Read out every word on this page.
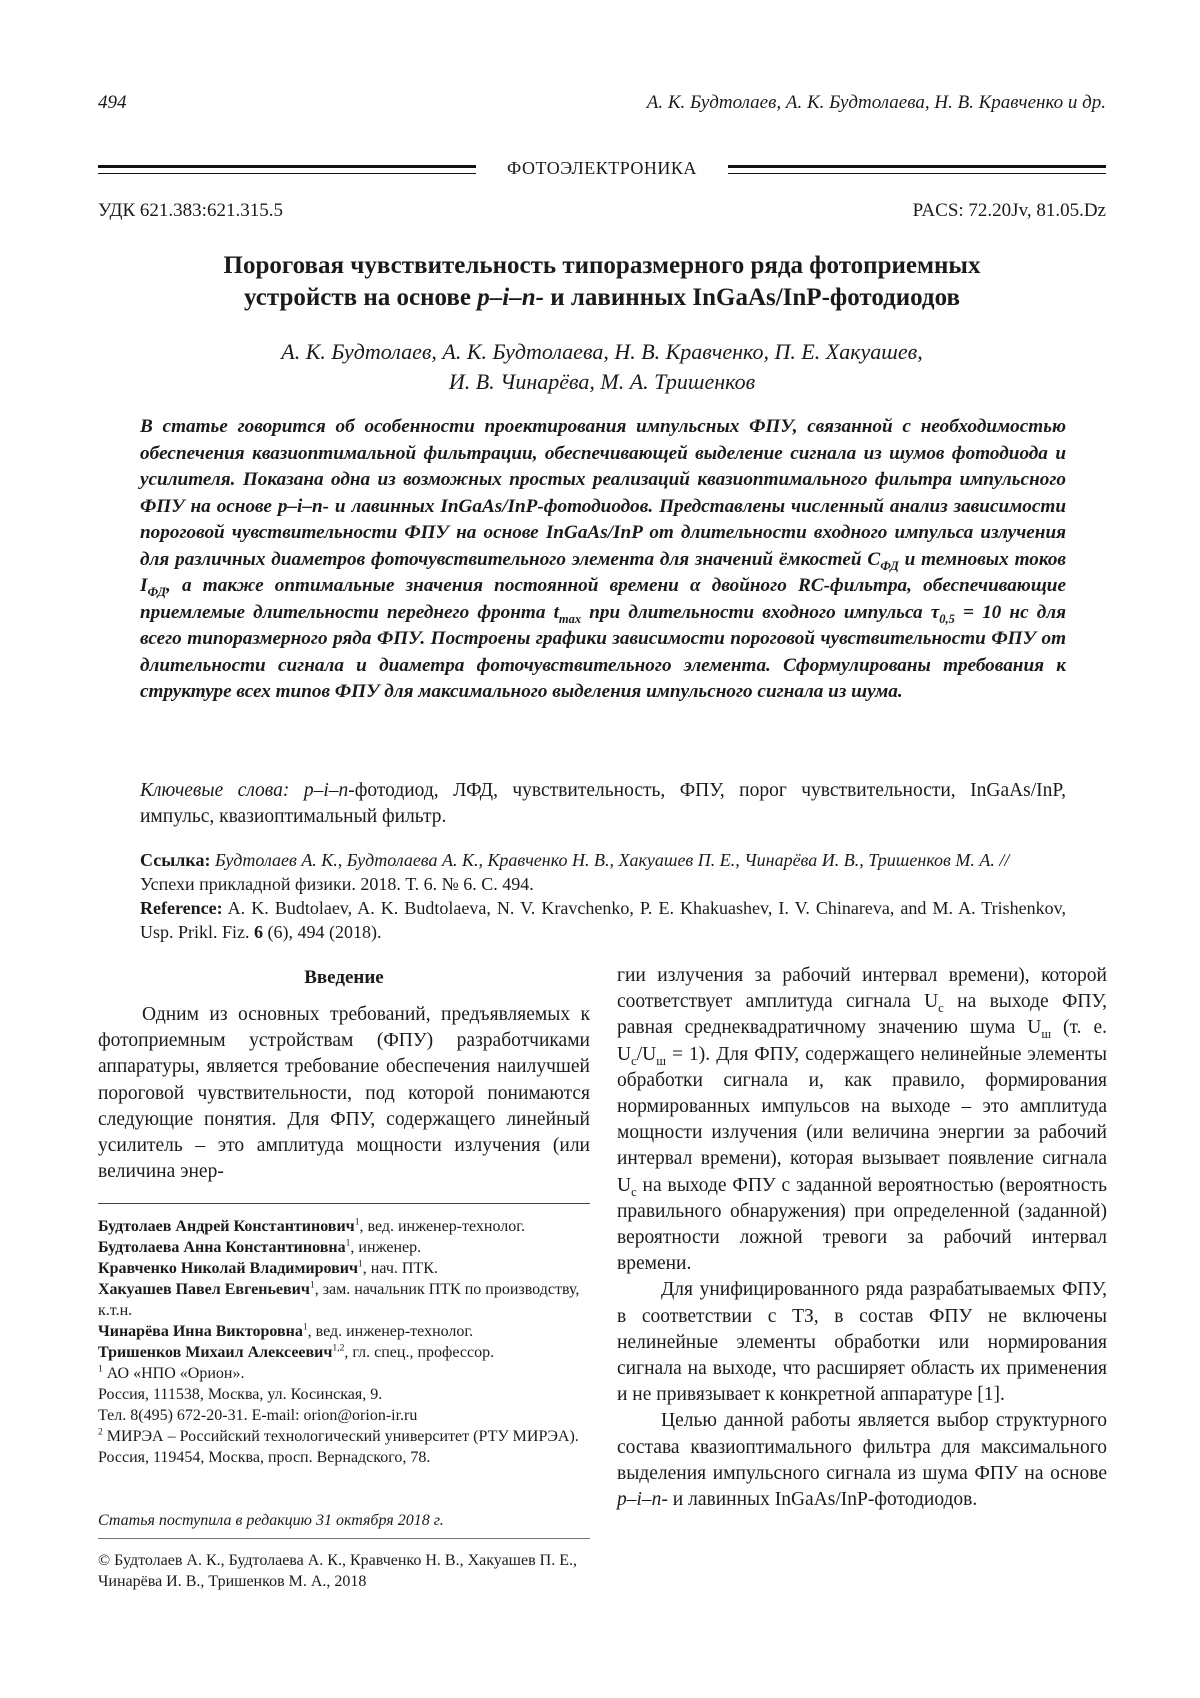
494	А. К. Будтолаев, А. К. Будтолаева, Н. В. Кравченко и др.
ФОТОЭЛЕКТРОНИКА
УДК 621.383:621.315.5	PACS: 72.20Jv, 81.05.Dz
Пороговая чувствительность типоразмерного ряда фотоприемных
устройств на основе p–i–n- и лавинных InGaAs/InP-фотодиодов
А. К. Будтолаев, А. К. Будтолаева, Н. В. Кравченко, П. Е. Хакуашев,
И. В. Чинарёва, М. А. Тришенков
В статье говорится об особенности проектирования импульсных ФПУ, связанной с необходимостью обеспечения квазиоптимальной фильтрации, обеспечивающей выделение сигнала из шумов фотодиода и усилителя. Показана одна из возможных простых реализаций квазиоптимального фильтра импульсного ФПУ на основе p–i–n- и лавинных InGaAs/InP-фотодиодов. Представлены численный анализ зависимости пороговой чувствительности ФПУ на основе InGaAs/InP от длительности входного импульса излучения для различных диаметров фоточувствительного элемента для значений ёмкостей $C_{ФД}$ и темновых токов $I_{ФД}$, а также оптимальные значения постоянной времени α двойного RC-фильтра, обеспечивающие приемлемые длительности переднего фронта $t_{max}$ при длительности входного импульса $\tau_{0,5} = 10$ нс для всего типоразмерного ряда ФПУ. Построены графики зависимости пороговой чувствительности ФПУ от длительности сигнала и диаметра фоточувствительного элемента. Сформулированы требования к структуре всех типов ФПУ для максимального выделения импульсного сигнала из шума.
Ключевые слова: p–i–n-фотодиод, ЛФД, чувствительность, ФПУ, порог чувствительности, InGaAs/InP, импульс, квазиоптимальный фильтр.
Ссылка: Будтолаев А. К., Будтолаева А. К., Кравченко Н. В., Хакуашев П. Е., Чинарёва И. В., Тришенков М. А. //
Успехи прикладной физики. 2018. Т. 6. № 6. С. 494.
Reference: A. K. Budtolaev, A. K. Budtolaeva, N. V. Kravchenko, P. E. Khakuashev, I. V. Chinareva, and M. A. Trishenkov, Usp. Prikl. Fiz. 6 (6), 494 (2018).
Введение

Одним из основных требований, предъявляемых к фотоприемным устройствам (ФПУ) разработчиками аппаратуры, является требование обеспечения наилучшей пороговой чувствительности, под которой понимаются следующие понятия. Для ФПУ, содержащего линейный усилитель – это амплитуда мощности излучения (или величина энер-

Будтолаев Андрей Константинович$^1$, вед. инженер-технолог.
Будтолаева Анна Константиновна$^1$, инженер.
Кравченко Николай Владимирович$^1$, нач. ПТК.
Хакуашев Павел Евгеньевич$^1$, зам. начальник ПТК по производству, к.т.н.
Чинарёва Инна Викторовна$^1$, вед. инженер-технолог.
Тришенков Михаил Алексеевич$^{1,2}$, гл. спец., профессор.
$^1$ АО «НПО «Орион».
Россия, 111538, Москва, ул. Косинская, 9.
Тел. 8(495) 672-20-31. E-mail: orion@orion-ir.ru
$^2$ МИРЭА – Российский технологический университет (РТУ МИРЭА).
Россия, 119454, Москва, просп. Вернадского, 78.
Статья поступила в редакцию 31 октября 2018 г.
© Будтолаев А. К., Будтолаева А. К., Кравченко Н. В., Хакуашев П. Е., Чинарёва И. В., Тришенков М. А., 2018

гии излучения за рабочий интервал времени), которой соответствует амплитуда сигнала $U_c$ на выходе ФПУ, равная среднеквадратичному значению шума $U_ш$ (т. е. $U_c/U_ш = 1$). Для ФПУ, содержащего нелинейные элементы обработки сигнала и, как правило, формирования нормированных импульсов на выходе – это амплитуда мощности излучения (или величина энергии за рабочий интервал времени), которая вызывает появление сигнала $U_c$ на выходе ФПУ с заданной вероятностью (вероятность правильного обнаружения) при определенной (заданной) вероятности ложной тревоги за рабочий интервал времени.

Для унифицированного ряда разрабатываемых ФПУ, в соответствии с ТЗ, в состав ФПУ не включены нелинейные элементы обработки или нормирования сигнала на выходе, что расширяет область их применения и не привязывает к конкретной аппаратуре [1].

Целью данной работы является выбор структурного состава квазиоптимального фильтра для максимального выделения импульсного сигнала из шума ФПУ на основе p–i–n- и лавинных InGaAs/InP-фотодиодов.
